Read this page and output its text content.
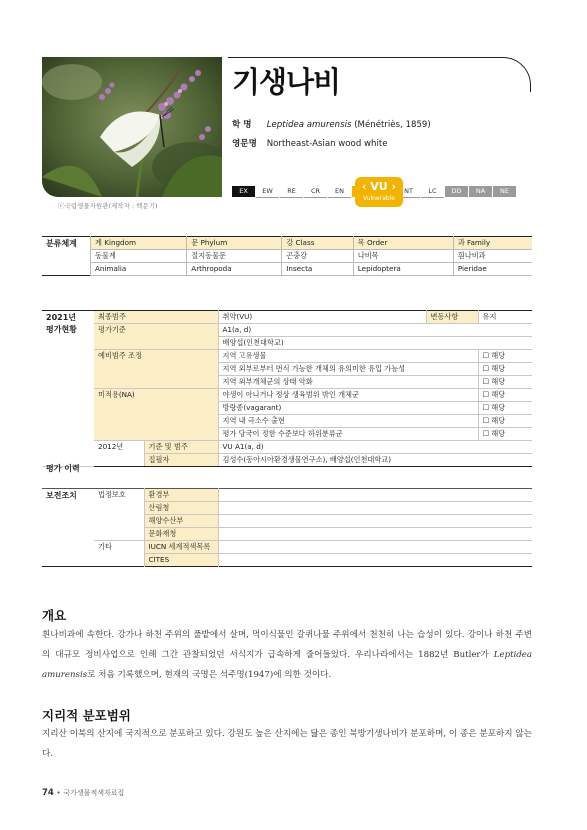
ⓒ국립생물자원관(제작자 : 백문기)
기생나비
학 명 Leptidea amurensis (Ménétriès, 1859)
영문명 Northeast-Asian wood white
EX	EW	RE	CR	EN	NT	LC	DD	NA	NE
‹ VU ›
Vulnerable
분류체계	계 Kingdom	문 Phylum	강 Class	목 Order	과 Family
	동물계	절지동물문	곤충강	나비목	흰나비과
	Animalia	Arthropoda	Insecta	Lepidoptera	Pieridae
2021년
평가현황	최종범주		취약(VU)	변동사항	유지
	평가기준		A1(a, d)		
			배양섭(인천대학교)		
	예비범주 조정		지역 고유생물		☐ 해당
			지역 외부로부터 번식 가능한 개체의 유의미한 유입 가능성		☐ 해당
			지역 외부개체군의 상태 악화		☐ 해당
	미적용(NA)		야생이 아니거나 정상 생육범위 밖인 개체군		☐ 해당
			방랑종(vagarant)		☐ 해당
			지역 내 극소수 출현		☐ 해당
			평가 당국이 정한 수준보다 하위분류군		☐ 해당
	2012년	기준 및 범주	VU A1(a, d)		
		집필자	김성수(동아시아환경생물연구소), 배양섭(인천대학교)		

평가 이력
보전조치	법정보호	환경부	
		산림청	
		해양수산부	
		문화재청	
	기타	IUCN 세계적색목록	
		CITES	
개요
흰나비과에 속한다. 강가나 하천 주위의 풀밭에서 살며, 먹이식물인 갈퀴나물 주위에서 천천히 나는 습성이 있다. 강이나 하천 주변의 대규모 정비사업으로 인해 그간 관찰되었던 서식지가 급속하게 줄어들었다. 우리나라에서는 1882년 Butler가 Leptidea amurensis로 처음 기록했으며, 현재의 국명은 석주명(1947)에 의한 것이다.
지리적 분포범위
지리산 이북의 산지에 국지적으로 분포하고 있다. 강원도 높은 산지에는 닮은 종인 북방기생나비가 분포하며, 이 종은 분포하지 않는다.
74 • 국가생물적색자료집
